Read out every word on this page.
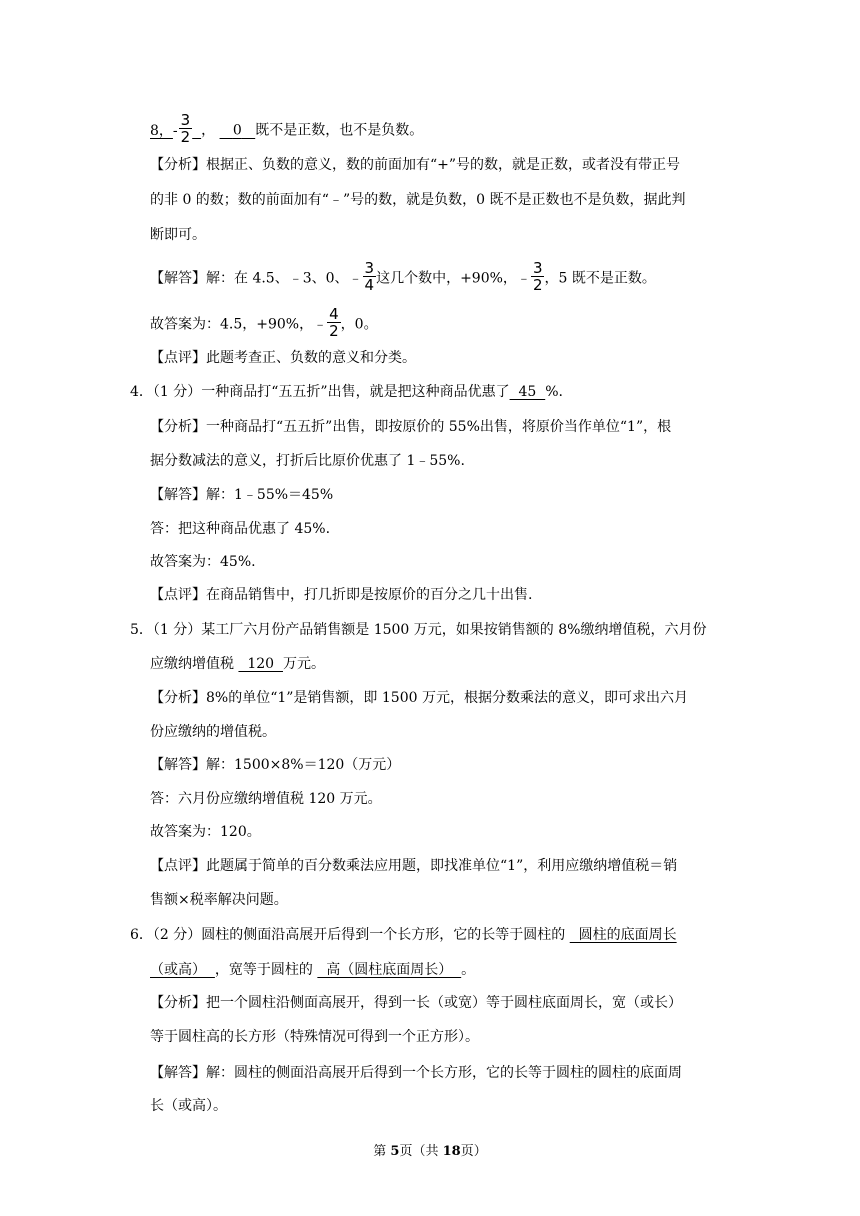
8，- $\frac{3}{2}$ ， 0 既不是正数，也不是负数。
【分析】根据正、负数的意义，数的前面加有“+”号的数，就是正数，或者没有带正号
的非 0 的数；数的前面加有“﹣”号的数，就是负数，0 既不是正数也不是负数，据此判
断即可。
【解答】解：在 4.5、﹣3、0、﹣ $\frac{3}{4}$ 这几个数中，+90%，﹣ $\frac{3}{2}$ ，5 既不是正数。
故答案为：4.5，+90%，﹣ $\frac{4}{2}$ ，0。
【点评】此题考查正、负数的意义和分类。
4．（1 分）一种商品打“五五折”出售，就是把这种商品优惠了  45  %.
【分析】一种商品打“五五折”出售，即按原价的 55%出售，将原价当作单位“1”，根
据分数减法的意义，打折后比原价优惠了 1﹣55%.
【解答】解：1﹣55%＝45%
答：把这种商品优惠了 45%.
故答案为：45%.
【点评】在商品销售中，打几折即是按原价的百分之几十出售.
5．（1 分）某工厂六月份产品销售额是 1500 万元，如果按销售额的 8%缴纳增值税，六月份
应缴纳增值税   120  万元。
【分析】8%的单位“1”是销售额，即 1500 万元，根据分数乘法的意义，即可求出六月
份应缴纳的增值税。
【解答】解：1500×8%＝120（万元）
答：六月份应缴纳增值税 120 万元。
故答案为：120。
【点评】此题属于简单的百分数乘法应用题，即找准单位“1”，利用应缴纳增值税＝销
售额×税率解决问题。
6．（2 分）圆柱的侧面沿高展开后得到一个长方形，它的长等于圆柱的   圆柱的底面周长
（或高）  ，宽等于圆柱的   高（圆柱底面周长）  。
【分析】把一个圆柱沿侧面高展开，得到一长（或宽）等于圆柱底面周长，宽（或长）
等于圆柱高的长方形（特殊情况可得到一个正方形）。
【解答】解：圆柱的侧面沿高展开后得到一个长方形，它的长等于圆柱的圆柱的底面周
长（或高）。
第 5页（共 18页）
